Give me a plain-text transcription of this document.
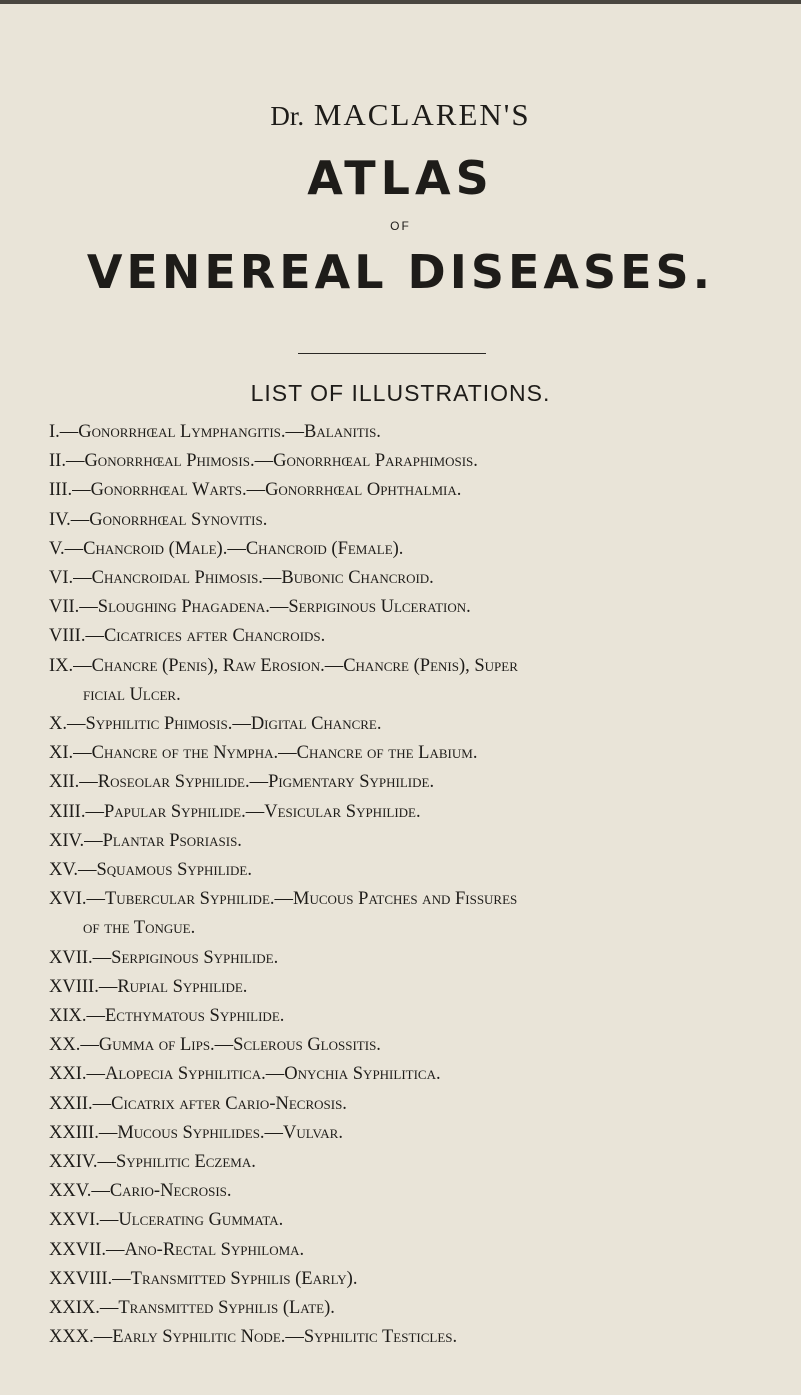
Dr. MACLAREN'S
ATLAS
OF
VENEREAL DISEASES.
LIST OF ILLUSTRATIONS.
I.—Gonorrhœal Lymphangitis.—Balanitis.
II.—Gonorrhœal Phimosis.—Gonorrhœal Paraphimosis.
III.—Gonorrhœal Warts.—Gonorrhœal Ophthalmia.
IV.—Gonorrhœal Synovitis.
V.—Chancroid (Male).—Chancroid (Female).
VI.—Chancroidal Phimosis.—Bubonic Chancroid.
VII.—Sloughing Phagadena.—Serpiginous Ulceration.
VIII.—Cicatrices after Chancroids.
IX.—Chancre (Penis), Raw Erosion.—Chancre (Penis), Super
ficial Ulcer.
X.—Syphilitic Phimosis.—Digital Chancre.
XI.—Chancre of the Nympha.—Chancre of the Labium.
XII.—Roseolar Syphilide.—Pigmentary Syphilide.
XIII.—Papular Syphilide.—Vesicular Syphilide.
XIV.—Plantar Psoriasis.
XV.—Squamous Syphilide.
XVI.—Tubercular Syphilide.—Mucous Patches and Fissures
of the Tongue.
XVII.—Serpiginous Syphilide.
XVIII.—Rupial Syphilide.
XIX.—Ecthymatous Syphilide.
XX.—Gumma of Lips.—Sclerous Glossitis.
XXI.—Alopecia Syphilitica.—Onychia Syphilitica.
XXII.—Cicatrix after Cario-Necrosis.
XXIII.—Mucous Syphilides.—Vulvar.
XXIV.—Syphilitic Eczema.
XXV.—Cario-Necrosis.
XXVI.—Ulcerating Gummata.
XXVII.—Ano-Rectal Syphiloma.
XXVIII.—Transmitted Syphilis (Early).
XXIX.—Transmitted Syphilis (Late).
XXX.—Early Syphilitic Node.—Syphilitic Testicles.
